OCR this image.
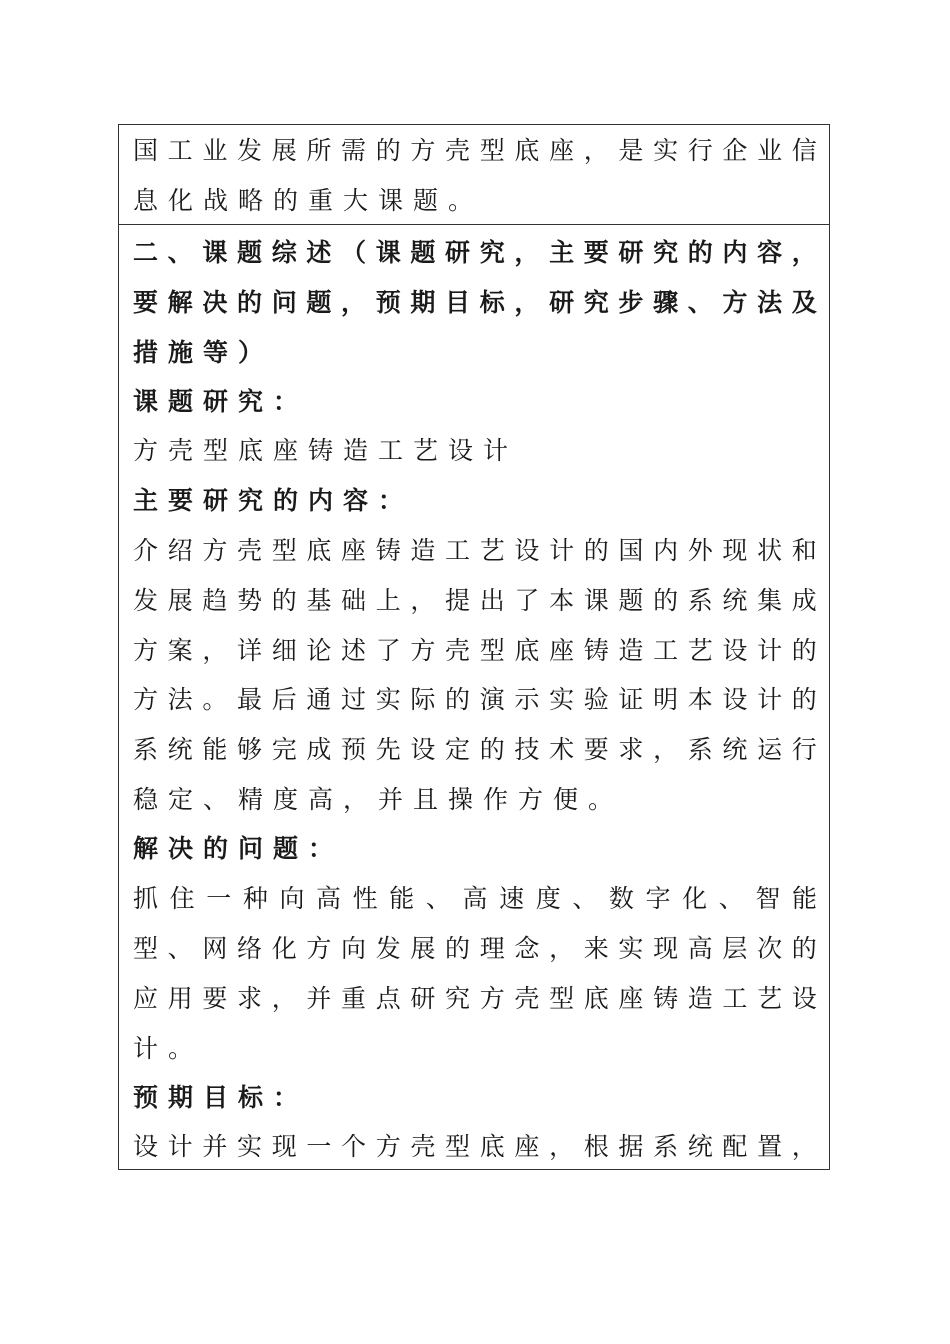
国 工 业 发 展 所 需 的 方 壳 型 底 座 ， 是 实 行 企 业 信
息化战略的重大课题。
二 、 课 题 综 述 （ 课 题 研 究 ， 主 要 研 究 的 内 容 ，
要 解 决 的 问 题 ， 预 期 目 标 ， 研 究 步 骤 、 方 法 及
措施等）
课题研究：
方壳型底座铸造工艺设计
主要研究的内容：
介 绍 方 壳 型 底 座 铸 造 工 艺 设 计 的 国 内 外 现 状 和
发 展 趋 势 的 基 础 上 ， 提 出 了 本 课 题 的 系 统 集 成
方 案 ， 详 细 论 述 了 方 壳 型 底 座 铸 造 工 艺 设 计 的
方 法 。 最 后 通 过 实 际 的 演 示 实 验 证 明 本 设 计 的
系 统 能 够 完 成 预 先 设 定 的 技 术 要 求 ， 系 统 运 行
稳定、精度高，并且操作方便。
解决的问题：
抓 住 一 种 向 高 性 能 、 高 速 度 、 数 字 化 、 智 能
型 、 网 络 化 方 向 发 展 的 理 念 ， 来 实 现 高 层 次 的
应 用 要 求 ， 并 重 点 研 究 方 壳 型 底 座 铸 造 工 艺 设
计。
预期目标：
设 计 并 实 现 一 个 方 壳 型 底 座 ， 根 据 系 统 配 置 ，
